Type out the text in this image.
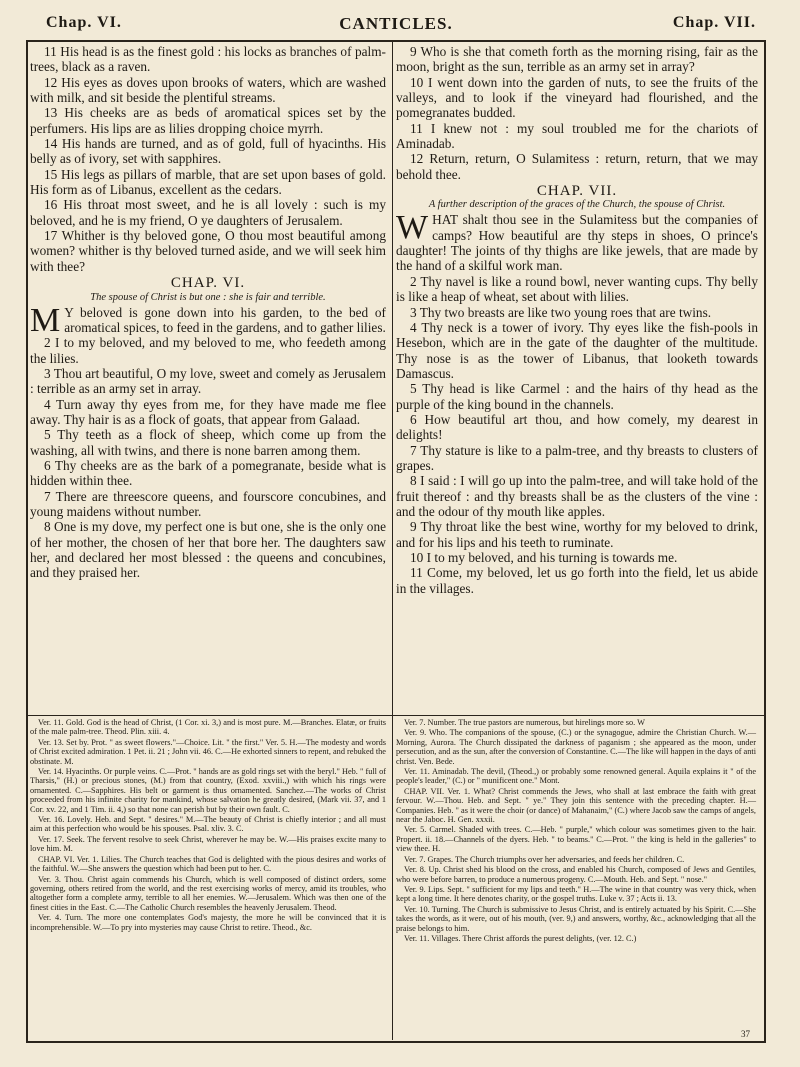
Chap. VI.	CANTICLES.	Chap. VII.

11 His head is as the finest gold : his locks as branches of palm-trees, black as a raven.

12 His eyes as doves upon brooks of waters, which are washed with milk, and sit beside the plentiful streams.

13 His cheeks are as beds of aromatical spices set by the perfumers. His lips are as lilies dropping choice myrrh.

14 His hands are turned, and as of gold, full of hyacinths. His belly as of ivory, set with sapphires.

15 His legs as pillars of marble, that are set upon bases of gold. His form as of Libanus, excellent as the cedars.

16 His throat most sweet, and he is all lovely : such is my beloved, and he is my friend, O ye daughters of Jerusalem.

17 Whither is thy beloved gone, O thou most beautiful among women? whither is thy beloved turned aside, and we will seek him with thee?

CHAP. VI.

The spouse of Christ is but one : she is fair and terrible.

M Y beloved is gone down into his garden, to the bed of aromatical spices, to feed in the gardens, and to gather lilies.

2 I to my beloved, and my beloved to me, who feedeth among the lilies.

3 Thou art beautiful, O my love, sweet and comely as Jerusalem : terrible as an army set in array.

4 Turn away thy eyes from me, for they have made me flee away. Thy hair is as a flock of goats, that appear from Galaad.

5 Thy teeth as a flock of sheep, which come up from the washing, all with twins, and there is none barren among them.

6 Thy cheeks are as the bark of a pomegranate, beside what is hidden within thee.

7 There are threescore queens, and fourscore concubines, and young maidens without number.

8 One is my dove, my perfect one is but one, she is the only one of her mother, the chosen of her that bore her. The daughters saw her, and declared her most blessed : the queens and concubines, and they praised her.

9 Who is she that cometh forth as the morning rising, fair as the moon, bright as the sun, terrible as an army set in array?

10 I went down into the garden of nuts, to see the fruits of the valleys, and to look if the vineyard had flourished, and the pomegranates budded.

11 I knew not : my soul troubled me for the chariots of Aminadab.

12 Return, return, O Sulamitess : return, return, that we may behold thee.

CHAP. VII.

A further description of the graces of the Church, the spouse of Christ.

WHAT shalt thou see in the Sulamitess but the companies of camps? How beautiful are thy steps in shoes, O prince's daughter! The joints of thy thighs are like jewels, that are made by the hand of a skilful work man.

2 Thy navel is like a round bowl, never wanting cups. Thy belly is like a heap of wheat, set about with lilies.

3 Thy two breasts are like two young roes that are twins.

4 Thy neck is a tower of ivory. Thy eyes like the fish-pools in Hesebon, which are in the gate of the daughter of the multitude. Thy nose is as the tower of Libanus, that looketh towards Damascus.

5 Thy head is like Carmel : and the hairs of thy head as the purple of the king bound in the channels.

6 How beautiful art thou, and how comely, my dearest in delights!

7 Thy stature is like to a palm-tree, and thy breasts to clusters of grapes.

8 I said : I will go up into the palm-tree, and will take hold of the fruit thereof : and thy breasts shall be as the clusters of the vine : and the odour of thy mouth like apples.

9 Thy throat like the best wine, worthy for my beloved to drink, and for his lips and his teeth to ruminate.

10 I to my beloved, and his turning is towards me.

11 Come, my beloved, let us go forth into the field, let us abide in the villages.

Ver. 11. Gold. God is the head of Christ, (1 Cor. xi. 3,) and is most pure. M.—Branches. Elatæ, or fruits of the male palm-tree. Theod. Plin. xiii. 4.

Ver. 13. Set by. Prot. " as sweet flowers."—Choice. Lit. " the first." Ver. 5. H.—The modesty and words of Christ excited admiration. 1 Pet. ii. 21 ; John vii. 46. C.—He exhorted sinners to repent, and rebuked the obstinate. M.

Ver. 14. Hyacinths. Or purple veins. C.—Prot. " hands are as gold rings set with the beryl." Heb. " full of Tharsis," (H.) or precious stones, (M.) from that country, (Exod. xxviii.,) with which his rings were ornamented. C.—Sapphires. His belt or garment is thus ornamented. Sanchez.—The works of Christ proceeded from his infinite charity for mankind, whose salvation he greatly desired, (Mark vii. 37, and 1 Cor. xv. 22, and 1 Tim. ii. 4,) so that none can perish but by their own fault. C.

Ver. 16. Lovely. Heb. and Sept. " desires." M.—The beauty of Christ is chiefly interior ; and all must aim at this perfection who would be his spouses. Psal. xliv. 3. C.

Ver. 17. Seek. The fervent resolve to seek Christ, wherever he may be. W.—His praises excite many to love him. M.

CHAP. VI. Ver. 1. Lilies. The Church teaches that God is delighted with the pious desires and works of the faithful. W.—She answers the question which had been put to her. C.

Ver. 3. Thou. Christ again commends his Church, which is well composed of distinct orders, some governing, others retired from the world, and the rest exercising works of mercy, amid its troubles, who altogether form a complete army, terrible to all her enemies. W.—Jerusalem. Which was then one of the finest cities in the East. C.—The Catholic Church resembles the heavenly Jerusalem. Theod.

Ver. 4. Turn. The more one contemplates God's majesty, the more he will be convinced that it is incomprehensible. W.—To pry into mysteries may cause Christ to retire. Theod., &c.

Ver. 7. Number. The true pastors are numerous, but hirelings more so. W

Ver. 9. Who. The companions of the spouse, (C.) or the synagogue, admire the Christian Church. W.—Morning, Aurora. The Church dissipated the darkness of paganism ; she appeared as the moon, under persecution, and as the sun, after the conversion of Constantine. C.—The like will happen in the days of anti christ. Ven. Bede.

Ver. 11. Aminadab. The devil, (Theod.,) or probably some renowned general. Aquila explains it " of the people's leader," (C.) or " munificent one." Mont.

CHAP. VII. Ver. 1. What? Christ commends the Jews, who shall at last embrace the faith with great fervour. W.—Thou. Heb. and Sept. " ye." They join this sentence with the preceding chapter. H.—Companies. Heb. " as it were the choir (or dance) of Mahanaim," (C.) where Jacob saw the camps of angels, near the Jaboc. H. Gen. xxxii.

Ver. 5. Carmel. Shaded with trees. C.—Heb. " purple," which colour was sometimes given to the hair. Propert. ii. 18.—Channels of the dyers. Heb. " to beams." C.—Prot. " the king is held in the galleries" to view thee. H.

Ver. 7. Grapes. The Church triumphs over her adversaries, and feeds her children. C.

Ver. 8. Up. Christ shed his blood on the cross, and enabled his Church, composed of Jews and Gentiles, who were before barren, to produce a numerous progeny. C.—Mouth. Heb. and Sept. " nose."

Ver. 9. Lips. Sept. " sufficient for my lips and teeth." H.—The wine in that country was very thick, when kept a long time. It here denotes charity, or the gospel truths. Luke v. 37 ; Acts ii. 13.

Ver. 10. Turning. The Church is submissive to Jesus Christ, and is entirely actuated by his Spirit. C.—She takes the words, as it were, out of his mouth, (ver. 9,) and answers, worthy, &c., acknowledging that all the praise belongs to him.

Ver. 11. Villages. There Christ affords the purest delights, (ver. 12. C.)

37
